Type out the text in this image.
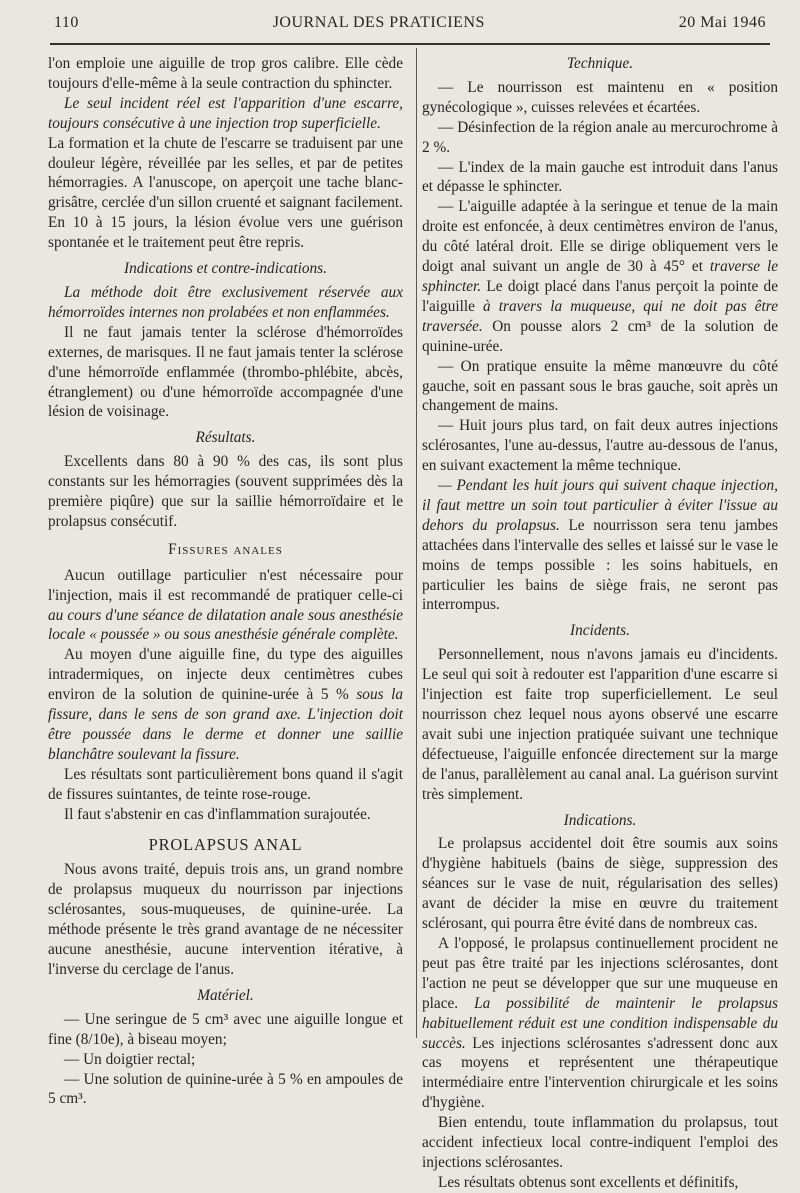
110	JOURNAL DES PRATICIENS	20 Mai 1946

l'on emploie une aiguille de trop gros calibre. Elle cède toujours d'elle-même à la seule contraction du sphincter.

Le seul incident réel est l'apparition d'une escarre, toujours consécutive à une injection trop superficielle.

La formation et la chute de l'escarre se traduisent par une douleur légère, réveillée par les selles, et par de petites hémorragies. A l'anuscope, on aperçoit une tache blanc-grisâtre, cerclée d'un sillon cruenté et saignant facilement. En 10 à 15 jours, la lésion évolue vers une guérison spontanée et le traitement peut être repris.

Indications et contre-indications.

La méthode doit être exclusivement réservée aux hémorroïdes internes non prolabées et non enflammées.

Il ne faut jamais tenter la sclérose d'hémorroïdes externes, de marisques. Il ne faut jamais tenter la sclérose d'une hémorroïde enflammée (thrombo-phlébite, abcès, étranglement) ou d'une hémorroïde accompagnée d'une lésion de voisinage.

Résultats.

Excellents dans 80 à 90 % des cas, ils sont plus constants sur les hémorragies (souvent supprimées dès la première piqûre) que sur la saillie hémorroïdaire et le prolapsus consécutif.

Fissures anales

Aucun outillage particulier n'est nécessaire pour l'injection, mais il est recommandé de pratiquer celle-ci au cours d'une séance de dilatation anale sous anesthésie locale « poussée » ou sous anesthésie générale complète.

Au moyen d'une aiguille fine, du type des aiguilles intradermiques, on injecte deux centimètres cubes environ de la solution de quinine-urée à 5 % sous la fissure, dans le sens de son grand axe. L'injection doit être poussée dans le derme et donner une saillie blanchâtre soulevant la fissure.

Les résultats sont particulièrement bons quand il s'agit de fissures suintantes, de teinte rose-rouge.

Il faut s'abstenir en cas d'inflammation surajoutée.

PROLAPSUS ANAL

Nous avons traité, depuis trois ans, un grand nombre de prolapsus muqueux du nourrisson par injections sclérosantes, sous-muqueuses, de quinine-urée. La méthode présente le très grand avantage de ne nécessiter aucune anesthésie, aucune intervention itérative, à l'inverse du cerclage de l'anus.

Matériel.

— Une seringue de 5 cm³ avec une aiguille longue et fine (8/10e), à biseau moyen;

— Un doigtier rectal;

— Une solution de quinine-urée à 5 % en ampoules de 5 cm³.

Technique.

— Le nourrisson est maintenu en « position gynécologique », cuisses relevées et écartées.

— Désinfection de la région anale au mercurochrome à 2 %.

— L'index de la main gauche est introduit dans l'anus et dépasse le sphincter.

— L'aiguille adaptée à la seringue et tenue de la main droite est enfoncée, à deux centimètres environ de l'anus, du côté latéral droit. Elle se dirige obliquement vers le doigt anal suivant un angle de 30 à 45° et traverse le sphincter. Le doigt placé dans l'anus perçoit la pointe de l'aiguille à travers la muqueuse, qui ne doit pas être traversée. On pousse alors 2 cm³ de la solution de quinine-urée.

— On pratique ensuite la même manœuvre du côté gauche, soit en passant sous le bras gauche, soit après un changement de mains.

— Huit jours plus tard, on fait deux autres injections sclérosantes, l'une au-dessus, l'autre au-dessous de l'anus, en suivant exactement la même technique.

— Pendant les huit jours qui suivent chaque injection, il faut mettre un soin tout particulier à éviter l'issue au dehors du prolapsus. Le nourrisson sera tenu jambes attachées dans l'intervalle des selles et laissé sur le vase le moins de temps possible : les soins habituels, en particulier les bains de siège frais, ne seront pas interrompus.

Incidents.

Personnellement, nous n'avons jamais eu d'incidents. Le seul qui soit à redouter est l'apparition d'une escarre si l'injection est faite trop superficiellement. Le seul nourrisson chez lequel nous ayons observé une escarre avait subi une injection pratiquée suivant une technique défectueuse, l'aiguille enfoncée directement sur la marge de l'anus, parallèlement au canal anal. La guérison survint très simplement.

Indications.

Le prolapsus accidentel doit être soumis aux soins d'hygiène habituels (bains de siège, suppression des séances sur le vase de nuit, régularisation des selles) avant de décider la mise en œuvre du traitement sclérosant, qui pourra être évité dans de nombreux cas.

A l'opposé, le prolapsus continuellement procident ne peut pas être traité par les injections sclérosantes, dont l'action ne peut se développer que sur une muqueuse en place. La possibilité de maintenir le prolapsus habituellement réduit est une condition indispensable du succès. Les injections sclérosantes s'adressent donc aux cas moyens et représentent une thérapeutique intermédiaire entre l'intervention chirurgicale et les soins d'hygiène.

Bien entendu, toute inflammation du prolapsus, tout accident infectieux local contre-indiquent l'emploi des injections sclérosantes.

Les résultats obtenus sont excellents et définitifs,
